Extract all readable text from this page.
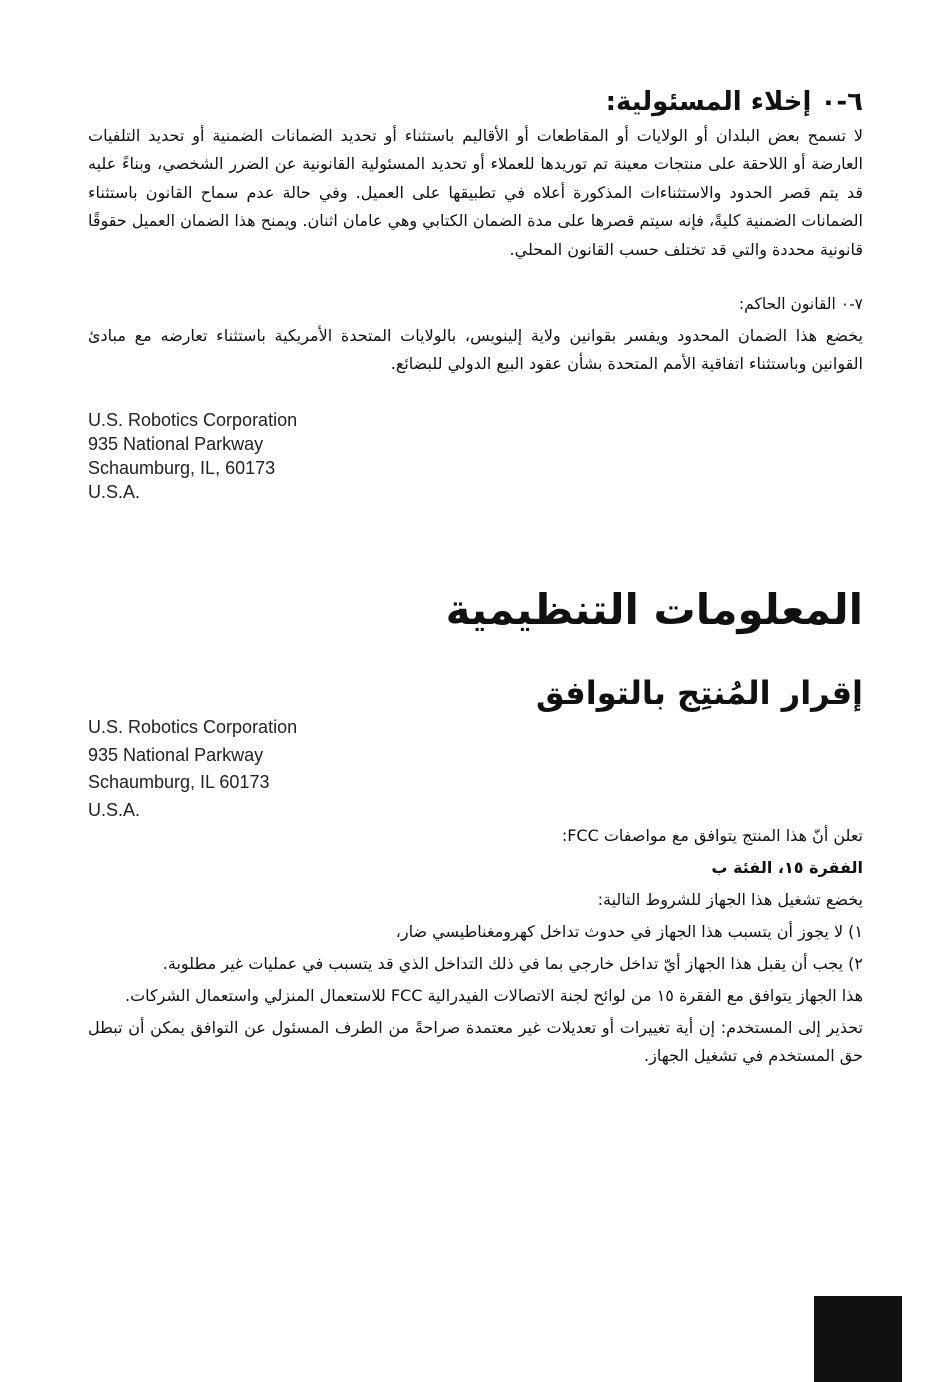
٦-٠ إخلاء المسئولية:
لا تسمح بعض البلدان أو الولايات أو المقاطعات أو الأقاليم باستثناء أو تحديد الضمانات الضمنية أو تحديد التلفيات العارضة أو اللاحقة على منتجات معينة تم توريدها للعملاء أو تحديد المسئولية القانونية عن الضرر الشخصي، وبناءً عليه قد يتم قصر الحدود والاستثناءات المذكورة أعلاه في تطبيقها على العميل. وفي حالة عدم سماح القانون باستثناء الضمانات الضمنية كليةً، فإنه سيتم قصرها على مدة الضمان الكتابي وهي عامان اثنان. ويمنح هذا الضمان العميل حقوقًا قانونية محددة والتي قد تختلف حسب القانون المحلي.
٧-٠ القانون الحاكم:
يخضع هذا الضمان المحدود ويفسر بقوانين ولاية إلينويس، بالولايات المتحدة الأمريكية باستثناء تعارضه مع مبادئ القوانين وباستثناء اتفاقية الأمم المتحدة بشأن عقود البيع الدولي للبضائع.
U.S. Robotics Corporation
935 National Parkway
Schaumburg, IL, 60173
U.S.A.
المعلومات التنظيمية
إقرار المُنتِج بالتوافق
U.S. Robotics Corporation
935 National Parkway
Schaumburg, IL 60173
U.S.A.

تعلن أنّ هذا المنتج يتوافق مع مواصفات FCC:

الفقرة ١٥، الفئة ب

يخضع تشغيل هذا الجهاز للشروط التالية:

١) لا يجوز أن يتسبب هذا الجهاز في حدوث تداخل كهرومغناطيسي ضار،

٢) يجب أن يقبل هذا الجهاز أيّ تداخل خارجي بما في ذلك التداخل الذي قد يتسبب في عمليات غير مطلوبة.

هذا الجهاز يتوافق مع الفقرة ١٥ من لوائح لجنة الاتصالات الفيدرالية FCC للاستعمال المنزلي واستعمال الشركات.

تحذير إلى المستخدم: إن أية تغييرات أو تعديلات غير معتمدة صراحةً من الطرف المسئول عن التوافق يمكن أن تبطل حق المستخدم في تشغيل الجهاز.
